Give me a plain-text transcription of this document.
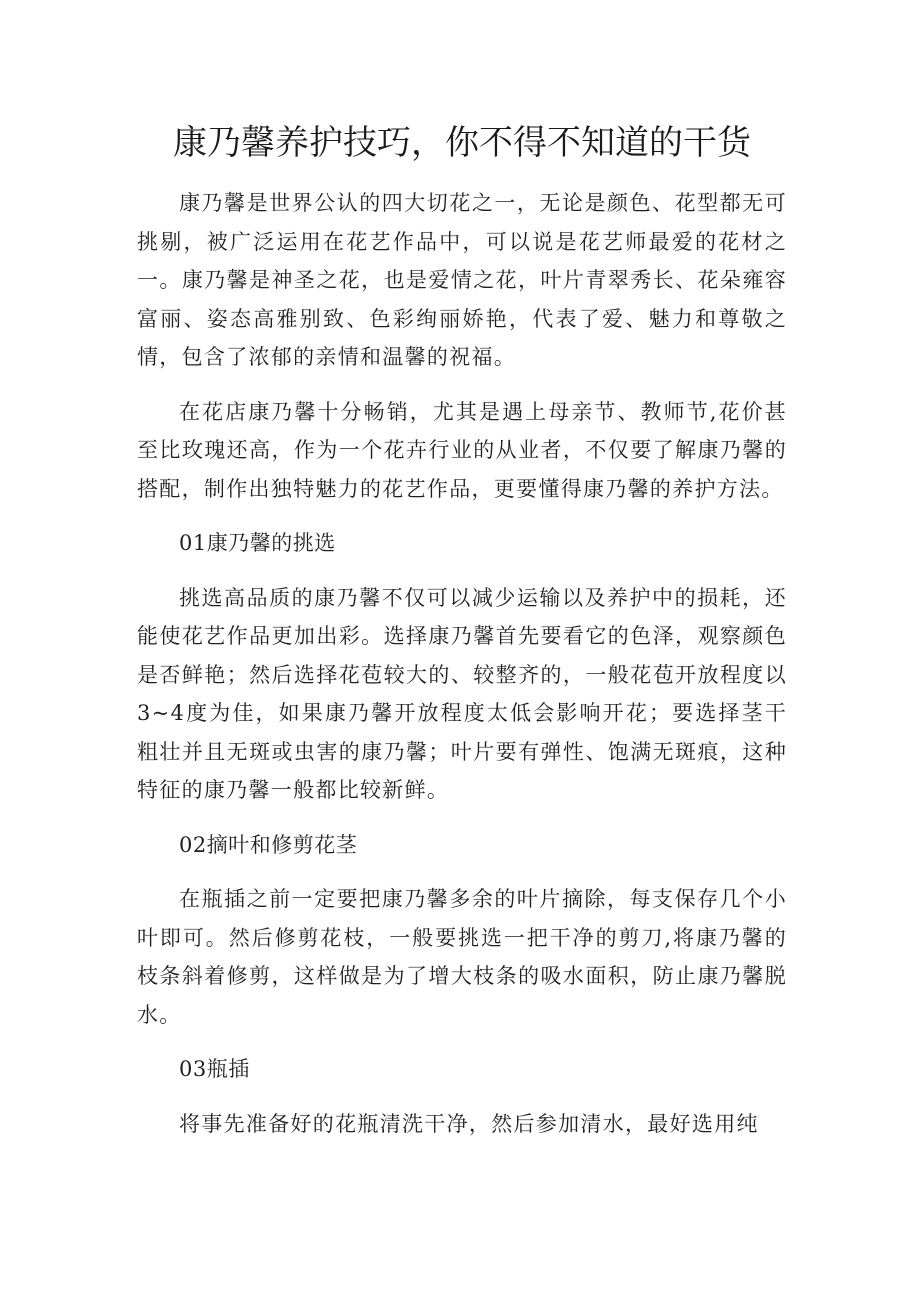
康乃馨养护技巧，你不得不知道的干货

康乃馨是世界公认的四大切花之一，无论是颜色、花型都无可挑剔，被广泛运用在花艺作品中，可以说是花艺师最爱的花材之一。康乃馨是神圣之花，也是爱情之花，叶片青翠秀长、花朵雍容富丽、姿态高雅别致、色彩绚丽娇艳，代表了爱、魅力和尊敬之情，包含了浓郁的亲情和温馨的祝福。

在花店康乃馨十分畅销，尤其是遇上母亲节、教师节,花价甚至比玫瑰还高，作为一个花卉行业的从业者，不仅要了解康乃馨的搭配，制作出独特魅力的花艺作品，更要懂得康乃馨的养护方法。

01康乃馨的挑选

挑选高品质的康乃馨不仅可以减少运输以及养护中的损耗，还能使花艺作品更加出彩。选择康乃馨首先要看它的色泽，观察颜色是否鲜艳；然后选择花苞较大的、较整齐的，一般花苞开放程度以3~4度为佳，如果康乃馨开放程度太低会影响开花；要选择茎干粗壮并且无斑或虫害的康乃馨；叶片要有弹性、饱满无斑痕，这种特征的康乃馨一般都比较新鲜。

02摘叶和修剪花茎

在瓶插之前一定要把康乃馨多余的叶片摘除，每支保存几个小叶即可。然后修剪花枝，一般要挑选一把干净的剪刀,将康乃馨的枝条斜着修剪，这样做是为了增大枝条的吸水面积，防止康乃馨脱水。

03瓶插

将事先准备好的花瓶清洗干净，然后参加清水，最好选用纯
